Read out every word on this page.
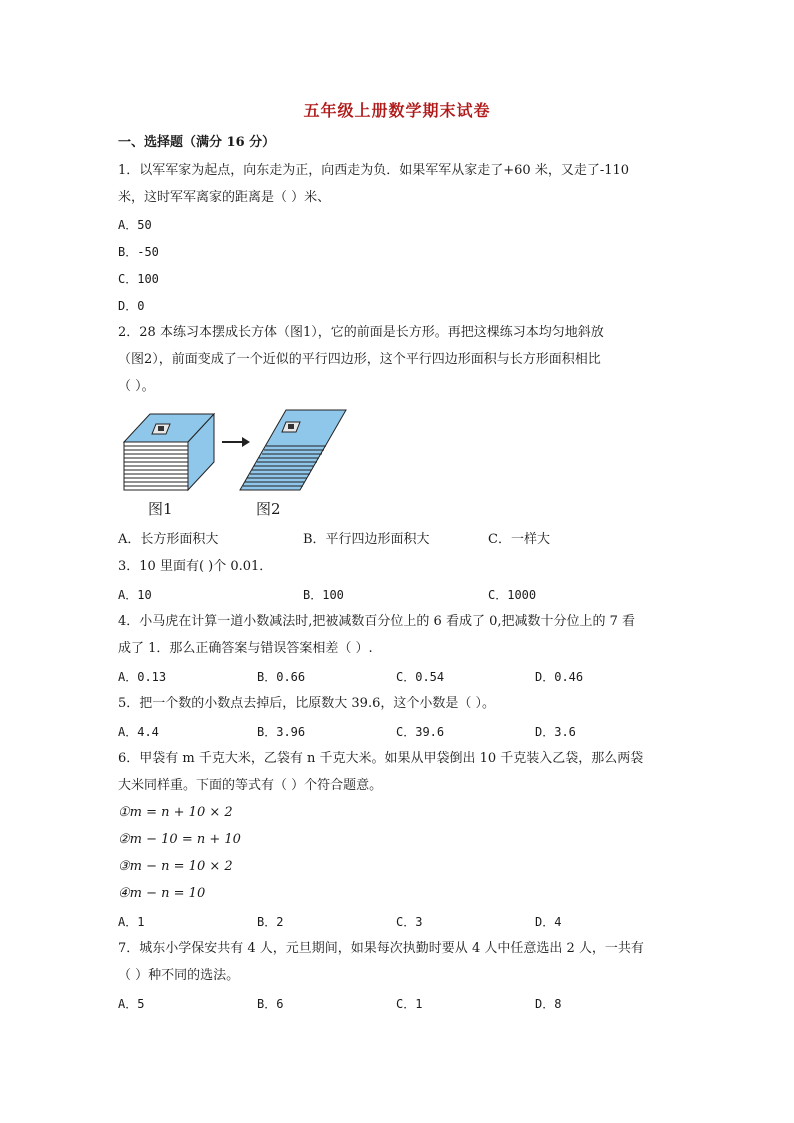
五年级上册数学期末试卷
一、选择题（满分 16 分）
1．以军军家为起点，向东走为正，向西走为负．如果军军从家走了+60 米，又走了-110
米，这时军军离家的距离是（ ）米、
A．50
B．-50
C．100
D．0
2．28 本练习本摆成长方体（图1），它的前面是长方形。再把这棵练习本均匀地斜放
（图2），前面变成了一个近似的平行四边形，这个平行四边形面积与长方形面积相比
（ ）。
图1	图2
A．长方形面积大	B．平行四边形面积大	C．一样大
3．10 里面有( )个 0.01．
A．10	B．100	C．1000
4．小马虎在计算一道小数减法时,把被减数百分位上的 6 看成了 0,把减数十分位上的 7 看
成了 1．那么正确答案与错误答案相差（ ）.
A．0.13	B．0.66	C．0.54	D．0.46
5．把一个数的小数点去掉后，比原数大 39.6，这个小数是（ ）。
A．4.4	B．3.96	C．39.6	D．3.6
6．甲袋有 m 千克大米，乙袋有 n 千克大米。如果从甲袋倒出 10 千克装入乙袋，那么两袋
大米同样重。下面的等式有（ ）个符合题意。
①m = n + 10 × 2
②m − 10 = n + 10
③m − n = 10 × 2
④m − n = 10
A．1	B．2	C．3	D．4
7．城东小学保安共有 4 人，元旦期间，如果每次执勤时要从 4 人中任意选出 2 人，一共有
（ ）种不同的选法。
A．5	B．6	C．1	D．8
